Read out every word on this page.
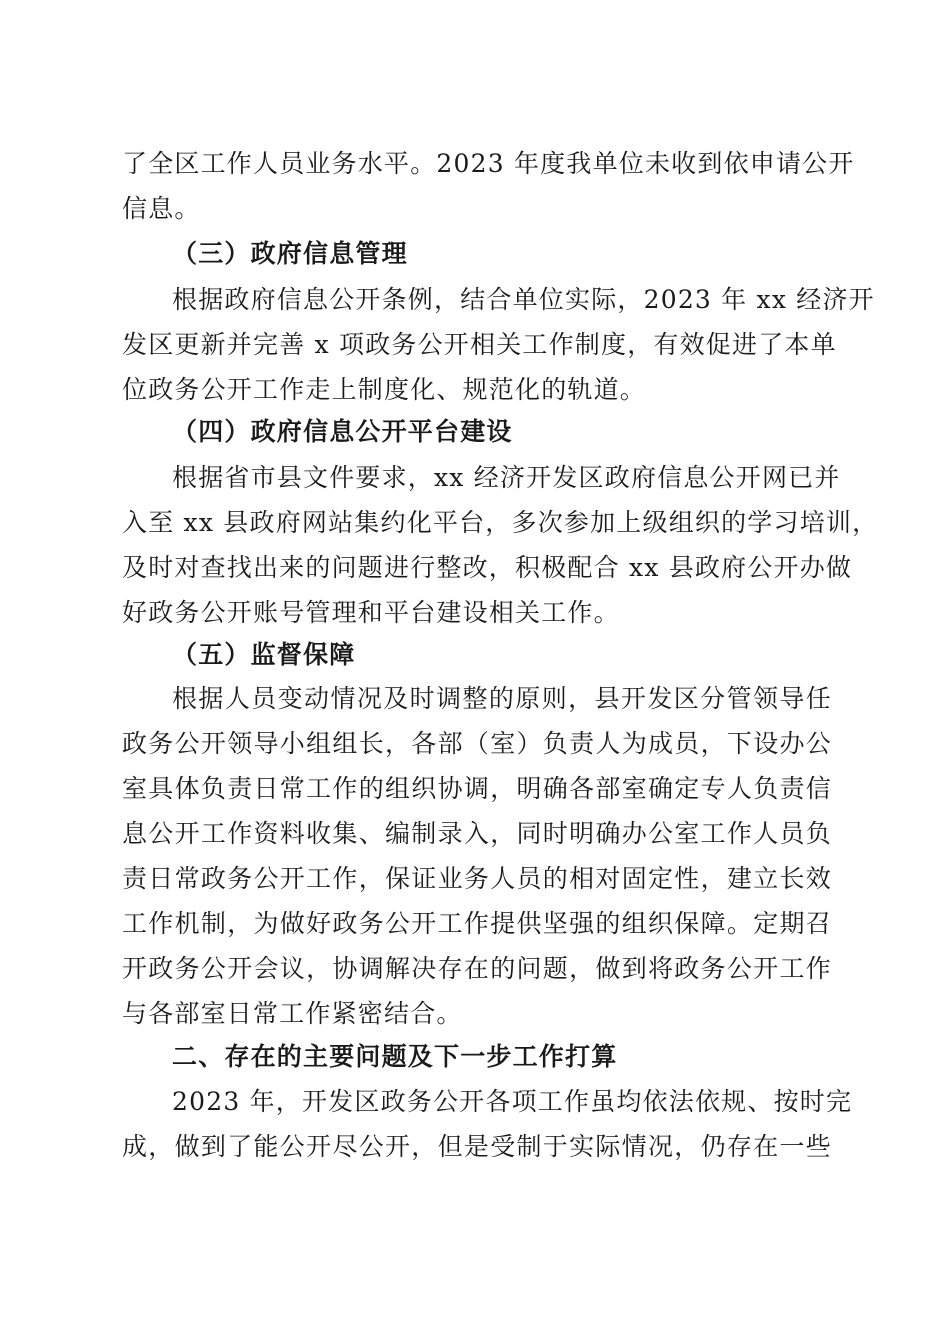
了全区工作人员业务水平。2023 年度我单位未收到依申请公开
信息。
（三）政府信息管理
根据政府信息公开条例，结合单位实际，2023 年 xx 经济开
发区更新并完善 x 项政务公开相关工作制度，有效促进了本单
位政务公开工作走上制度化、规范化的轨道。
（四）政府信息公开平台建设
根据省市县文件要求，xx 经济开发区政府信息公开网已并
入至 xx 县政府网站集约化平台，多次参加上级组织的学习培训，
及时对查找出来的问题进行整改，积极配合 xx 县政府公开办做
好政务公开账号管理和平台建设相关工作。
（五）监督保障
根据人员变动情况及时调整的原则，县开发区分管领导任
政务公开领导小组组长，各部（室）负责人为成员，下设办公
室具体负责日常工作的组织协调，明确各部室确定专人负责信
息公开工作资料收集、编制录入，同时明确办公室工作人员负
责日常政务公开工作，保证业务人员的相对固定性，建立长效
工作机制，为做好政务公开工作提供坚强的组织保障。定期召
开政务公开会议，协调解决存在的问题，做到将政务公开工作
与各部室日常工作紧密结合。
二、存在的主要问题及下一步工作打算
2023 年，开发区政务公开各项工作虽均依法依规、按时完
成，做到了能公开尽公开，但是受制于实际情况，仍存在一些
